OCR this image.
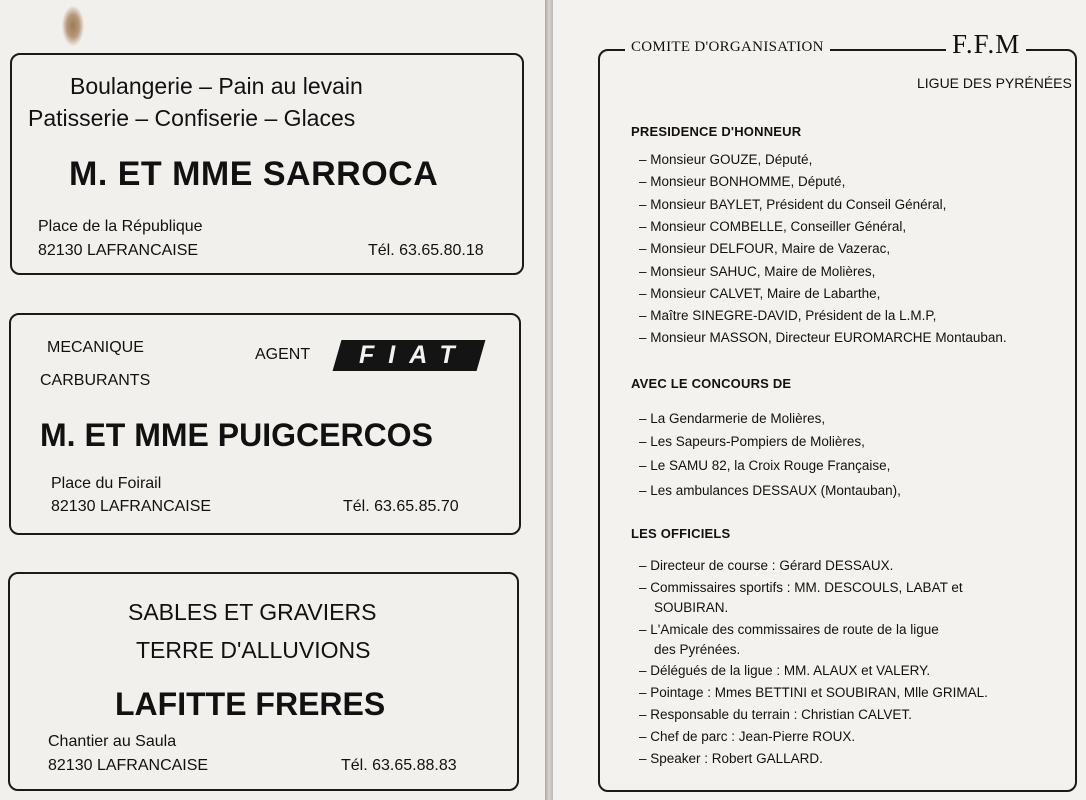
Boulangerie – Pain au levain
Patisserie – Confiserie – Glaces
M. ET MME SARROCA
Place de la République
82130 LAFRANCAISE	Tél. 63.65.80.18
MECANIQUE
CARBURANTS
AGENT	FIAT
M. ET MME PUIGCERCOS
Place du Foirail
82130 LAFRANCAISE	Tél. 63.65.85.70
SABLES ET GRAVIERS
TERRE D'ALLUVIONS
LAFITTE FRERES
Chantier au Saula
82130 LAFRANCAISE	Tél. 63.65.88.83
COMITE D'ORGANISATION	F.F.M
LIGUE DES PYRÉNÉES
PRESIDENCE D'HONNEUR
– Monsieur GOUZE, Député,
– Monsieur BONHOMME, Député,
– Monsieur BAYLET, Président du Conseil Général,
– Monsieur COMBELLE, Conseiller Général,
– Monsieur DELFOUR, Maire de Vazerac,
– Monsieur SAHUC, Maire de Molières,
– Monsieur CALVET, Maire de Labarthe,
– Maître SINEGRE-DAVID, Président de la L.M.P,
– Monsieur MASSON, Directeur EUROMARCHE Montauban.
AVEC LE CONCOURS DE
– La Gendarmerie de Molières,
– Les Sapeurs-Pompiers de Molières,
– Le SAMU 82, la Croix Rouge Française,
– Les ambulances DESSAUX (Montauban),
LES OFFICIELS
– Directeur de course : Gérard DESSAUX.
– Commissaires sportifs : MM. DESCOULS, LABAT et
SOUBIRAN.
– L'Amicale des commissaires de route de la ligue
des Pyrénées.
– Délégués de la ligue : MM. ALAUX et VALERY.
– Pointage : Mmes BETTINI et SOUBIRAN, Mlle GRIMAL.
– Responsable du terrain : Christian CALVET.
– Chef de parc : Jean-Pierre ROUX.
– Speaker : Robert GALLARD.
